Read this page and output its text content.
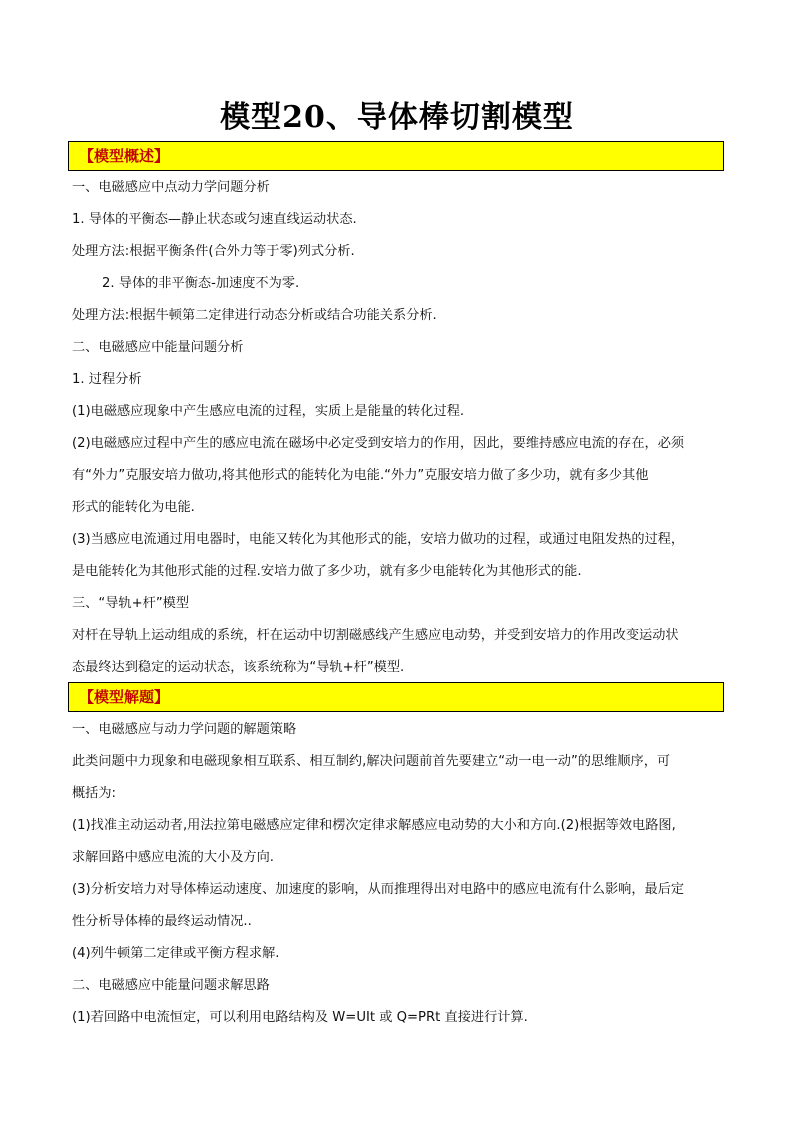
模型20、导体棒切割模型
【模型概述】
一、电磁感应中点动力学问题分析
1. 导体的平衡态—静止状态或匀速直线运动状态.
处理方法:根据平衡条件(合外力等于零)列式分析.
2. 导体的非平衡态-加速度不为零.
处理方法:根据牛顿第二定律进行动态分析或结合功能关系分析.
二、电磁感应中能量问题分析
1. 过程分析
(1)电磁感应现象中产生感应电流的过程，实质上是能量的转化过程.
(2)电磁感应过程中产生的感应电流在磁场中必定受到安培力的作用，因此，要维持感应电流的存在，必须
有“外力”克服安培力做功,将其他形式的能转化为电能.“外力”克服安培力做了多少功，就有多少其他
形式的能转化为电能.
(3)当感应电流通过用电器时，电能又转化为其他形式的能，安培力做功的过程，或通过电阻发热的过程，
是电能转化为其他形式能的过程.安培力做了多少功，就有多少电能转化为其他形式的能.
三、“导轨+杆”模型
对杆在导轨上运动组成的系统，杆在运动中切割磁感线产生感应电动势，并受到安培力的作用改变运动状
态最终达到稳定的运动状态，该系统称为“导轨+杆”模型.
【模型解题】
一、电磁感应与动力学问题的解题策略
此类问题中力现象和电磁现象相互联系、相互制约,解决问题前首先要建立“动一电一动”的思维顺序，可
概括为:
(1)找准主动运动者,用法拉第电磁感应定律和楞次定律求解感应电动势的大小和方向.(2)根据等效电路图,
求解回路中感应电流的大小及方向.
(3)分析安培力对导体棒运动速度、加速度的影响，从而推理得出对电路中的感应电流有什么影响，最后定
性分析导体棒的最终运动情况..
(4)列牛顿第二定律或平衡方程求解.
二、电磁感应中能量问题求解思路
(1)若回路中电流恒定，可以利用电路结构及 W=UIt 或 Q=PRt 直接进行计算.
